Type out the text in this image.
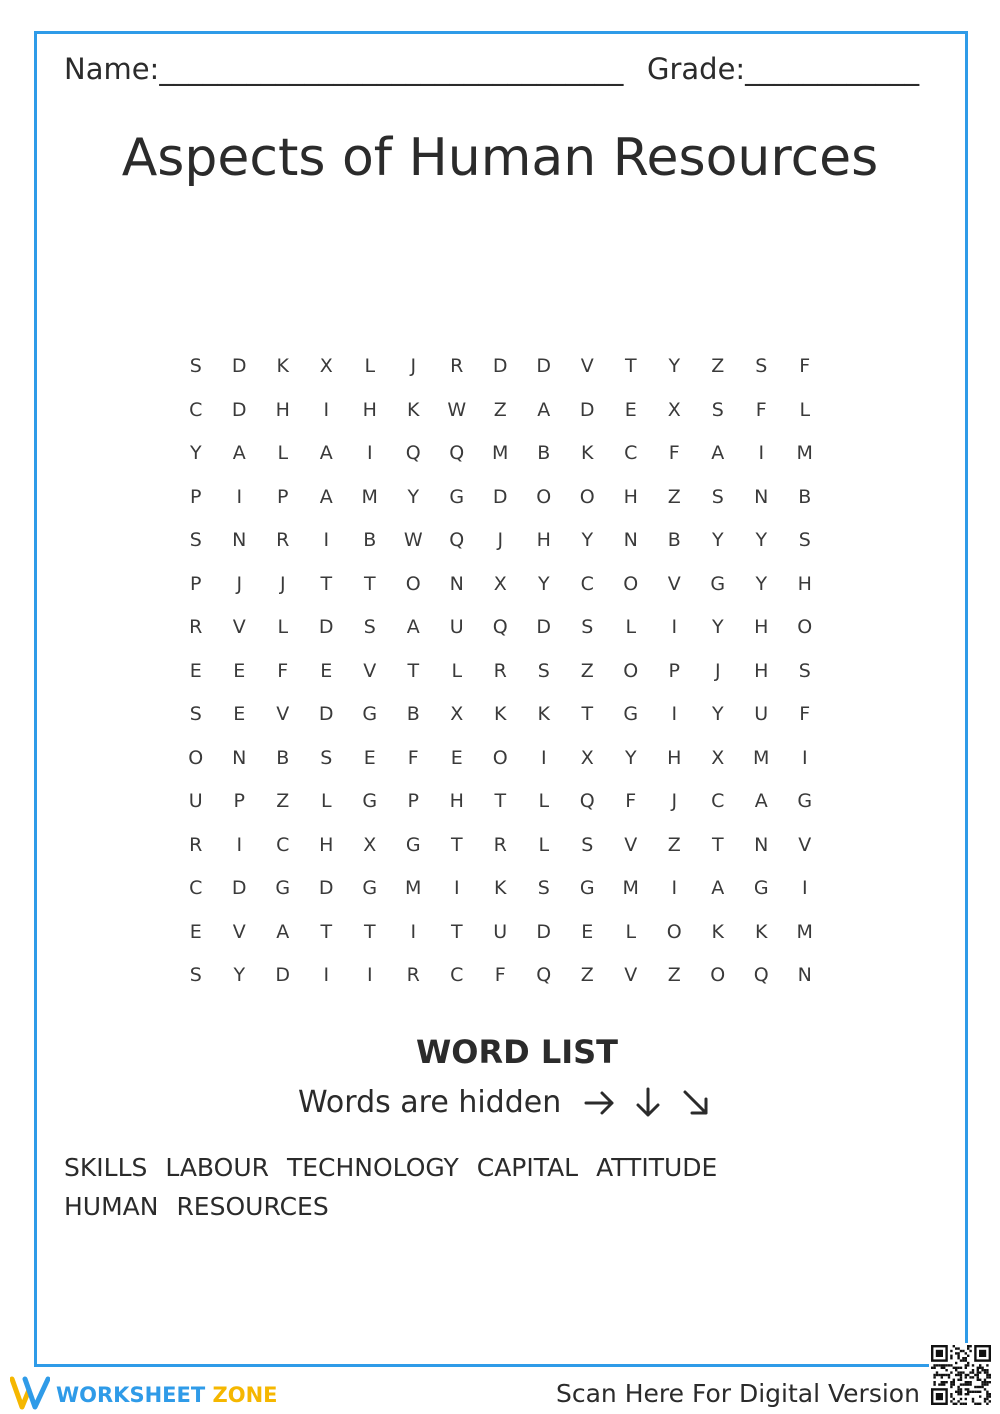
Name:________________________________ Grade:____________
Aspects of Human Resources
S	D	K	X	L	J	R	D	D	V	T	Y	Z	S	F
C	D	H	I	H	K	W	Z	A	D	E	X	S	F	L
Y	A	L	A	I	Q	Q	M	B	K	C	F	A	I	M
P	I	P	A	M	Y	G	D	O	O	H	Z	S	N	B
S	N	R	I	B	W	Q	J	H	Y	N	B	Y	Y	S
P	J	J	T	T	O	N	X	Y	C	O	V	G	Y	H
R	V	L	D	S	A	U	Q	D	S	L	I	Y	H	O
E	E	F	E	V	T	L	R	S	Z	O	P	J	H	S
S	E	V	D	G	B	X	K	K	T	G	I	Y	U	F
O	N	B	S	E	F	E	O	I	X	Y	H	X	M	I
U	P	Z	L	G	P	H	T	L	Q	F	J	C	A	G
R	I	C	H	X	G	T	R	L	S	V	Z	T	N	V
C	D	G	D	G	M	I	K	S	G	M	I	A	G	I
E	V	A	T	T	I	T	U	D	E	L	O	K	K	M
S	Y	D	I	I	R	C	F	Q	Z	V	Z	O	Q	N
WORD LIST
Words are hidden
SKILLS LABOUR TECHNOLOGY CAPITAL ATTITUDE HUMAN RESOURCES
WORKSHEET ZONE	Scan Here For Digital Version
